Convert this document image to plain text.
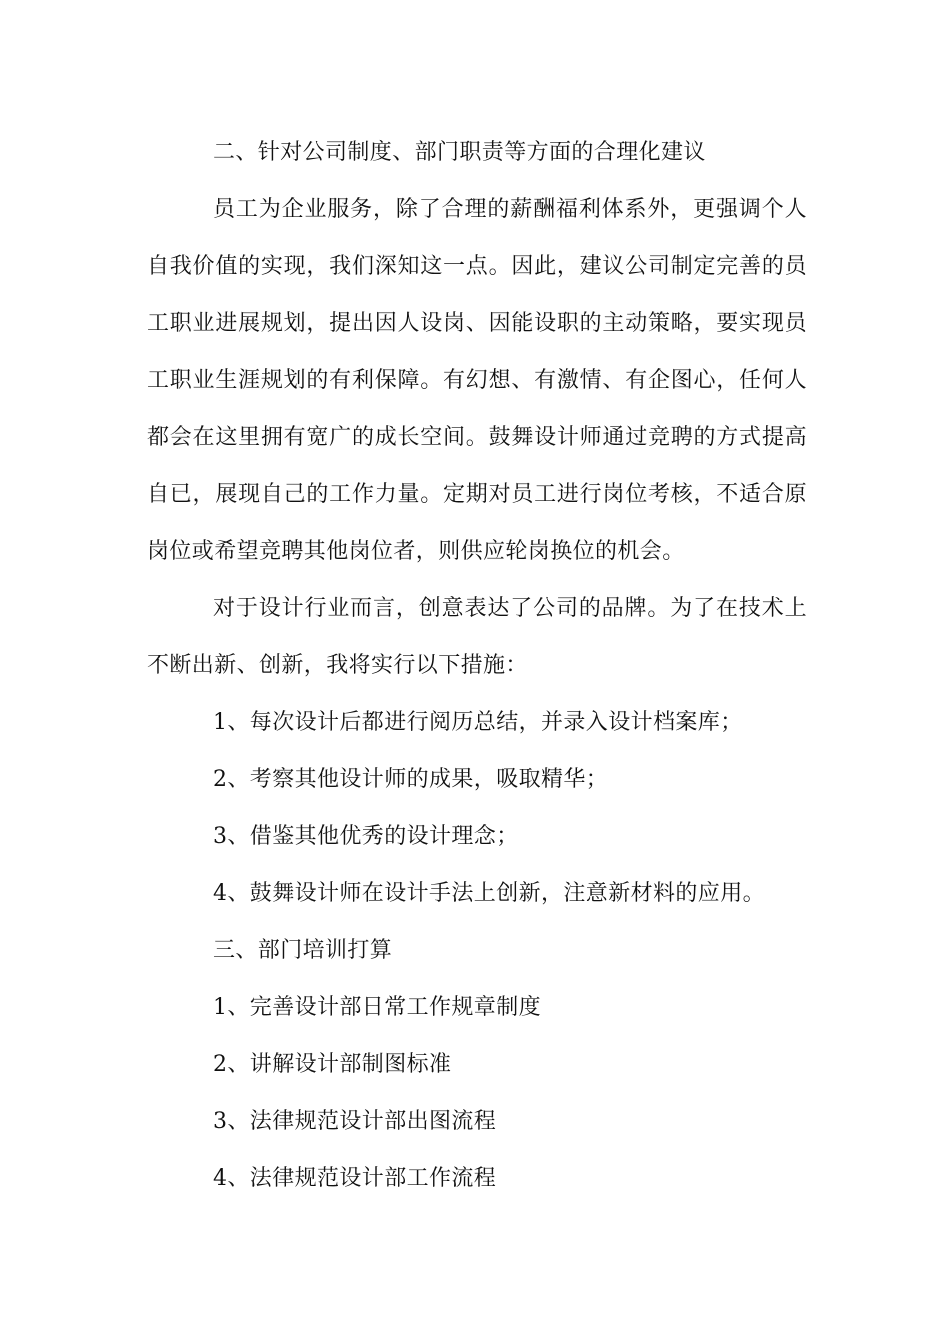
二、针对公司制度、部门职责等方面的合理化建议

员工为企业服务，除了合理的薪酬福利体系外，更强调个人自我价值的实现，我们深知这一点。因此，建议公司制定完善的员工职业进展规划，提出因人设岗、因能设职的主动策略，要实现员工职业生涯规划的有利保障。有幻想、有激情、有企图心，任何人都会在这里拥有宽广的成长空间。鼓舞设计师通过竞聘的方式提高自已，展现自己的工作力量。定期对员工进行岗位考核，不适合原岗位或希望竞聘其他岗位者，则供应轮岗换位的机会。

对于设计行业而言，创意表达了公司的品牌。为了在技术上不断出新、创新，我将实行以下措施：

1、每次设计后都进行阅历总结，并录入设计档案库；

2、考察其他设计师的成果，吸取精华；

3、借鉴其他优秀的设计理念；

4、鼓舞设计师在设计手法上创新，注意新材料的应用。

三、部门培训打算

1、完善设计部日常工作规章制度

2、讲解设计部制图标准

3、法律规范设计部出图流程

4、法律规范设计部工作流程
